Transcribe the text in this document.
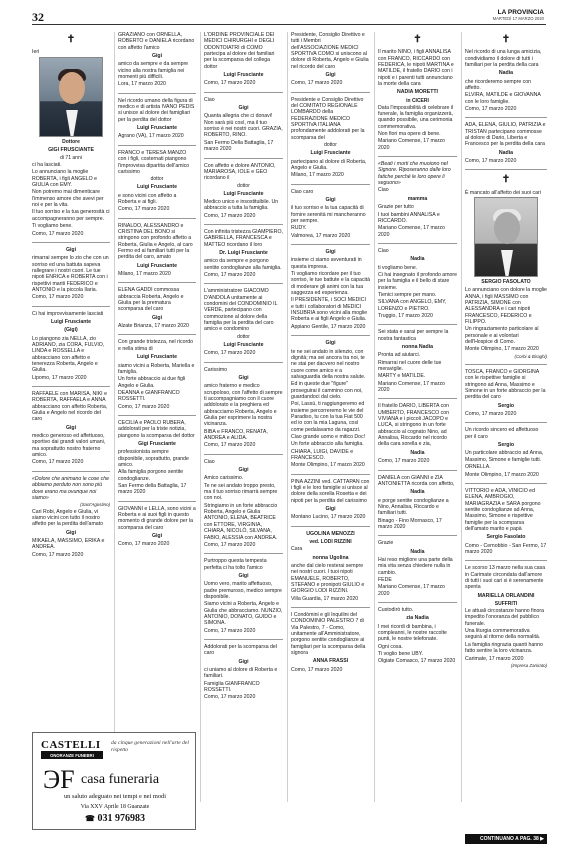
32	LA PROVINCIA
MARTEDÌ 17 MARZO 2020
✝

Ieri

Dottore
GIGI FRUSCIANTE
di 71 anni

ci ha lasciati.

Lo annunciano la moglie ROBERTA, i figli ANGELO e GIULIA con EMY.

Non potremo mai dimenticare l'immenso amore che avevi per noi e per la vita.

Il tuo sorriso e la tua generosità ci accompagneranno per sempre.

Ti vogliamo bene.

Como, 17 marzo 2020

Gigi

rimarrai sempre lo zio che con un sorriso ed una battuta sapeva rallegrare i nostri cuori. Le tue nipoti ENRICA e ROBERTA con i rispettivi mariti FEDERICO e ANTONIO e la piccola Ilaria.

Como, 17 marzo 2020

Ci hai improvvisamente lasciati

Luigi Frusciante
(Gigi)

Lo piangono zia NELLA, zio ADRIANO, zia CORA, FULVIO, LINDA e ROSSELLA e abbracciano con affetto e tenerezza Roberta, Angelo e Giulia.

Lipomo, 17 marzo 2020

RAFFAELE con MARISA, NIKI e ROBERTA, RAFFAELA e ANNA abbracciano con affetto Roberta, Giulia e Angelo nel ricordo del caro

Gigi

medico generoso ed affettuoso, sportivo dai grandi valori umani, ma soprattutto nostro fraterno amico.

Como, 17 marzo 2020

«Dolore che animano le cose che abbiamo perduto non sono più dove erano ma ovunque noi siamo»

(Sant'Agostino)

Cari Robi, Angelo e Giulia, vi siamo vicini con tutto il nostro affetto per la perdita dell'amato

Gigi

MIKAELA, MASSIMO, ERIKA e ANDREA.

Como, 17 marzo 2020

GRAZIANO con ORNELLA, ROBERTO e DANIELA ricordano con affetto l'amico

Gigi

amico da sempre e da sempre vicino alla nostra famiglia nei momenti più difficili.

Lora, 17 marzo 2020

Nel ricordo umano della figura di medico e di artista IVANO PEDIS si unisce al dolore dei famigliari per la perdita del dottor

Luigi Frusciante

Agrano (VA), 17 marzo 2020

FRANCO e TERESA MANZO con i figli, costernati piangono l'improvvisa dipartita dell'amico carissimo

dottor
Luigi Frusciante

e sono vicini con affetto a Roberta e ai figli.

Como, 17 marzo 2020

RINALDO, ALESSANDRO e CRISTINA DEL BONO si stringono con profondo affetto a Roberta, Giulia e Angelo, al caro Fermo ed ai familiari tutti per la perdita del caro, amato

Luigi Frusciante

Milano, 17 marzo 2020

ELENA GADDI commossa abbraccia Roberta, Angelo e Giulia per la prematura scomparsa del caro

Gigi

Alzate Brianza, 17 marzo 2020

Con grande tristezza, nel ricordo e nella stima di

Luigi Frusciante

siamo vicini a Roberta, Mariella e famiglia.

Un forte abbraccio ai due figli Angelo e Giulia.

DEANNA e GIANFRANCO ROSSETTI.

Como, 17 marzo 2020

CECILIA e PAOLO RUBERA, addolorati per la triste notizia, piangono la scomparsa del dottor

Gigi Frusciante

professionista sempre disponibile, soprattutto, grande amico.

Alla famiglia porgono sentite condoglianze.

San Fermo della Battaglia, 17 marzo 2020

GIOVANNI e LELLA, sono vicini a Roberta e ai suoi figli in questo momento di grande dolore per la scomparsa del caro

Gigi

Como, 17 marzo 2020

CASTELLI
ONORANZE FUNEBRI
da cinque generazioni nell'arte del rispetto
ЭF casa funeraria
un saluto adeguato nei tempi e nei modi
Via XXV Aprile 18 Guanzate
☎ 031 976983

L'ORDINE PROVINCIALE DEI MEDICI CHIRURGHI e DEGLI ODONTOIATRI di COMO partecipa al dolore dei familiari per la scomparsa del collega dottor

Luigi Frusciante

Como, 17 marzo 2020

Ciao

Gigi

Quanta allegria che ci donavi! Non sarà più così, ma il tuo sorriso è nei nostri cuori. GRAZIA, ROBERTO, RINO.

San Fermo Della Battaglia, 17 marzo 2020

Con affetto e dolore ANTONIO, MARIAROSA, IOLE e GEO ricordano il

dottor
Luigi Frusciante

Medico unico e insostituibile. Un abbraccio a tutta la famiglia.

Como, 17 marzo 2020

Con infinita tristezza GIAMPIERO, GABRIELLA, FRANCESCA e MATTEO ricordano il loro

Dr. Luigi Frusciante

amico da sempre e porgono sentite condoglianze alla famiglia.

Como, 17 marzo 2020

L'amministratore GIACOMO D'ANDOLA unitamente ai condomini del CONDOMINIO IL VERDE, partecipano con commozione al dolore della famiglia per la perdita del caro amico e condomino

dottor
Luigi Frusciante

Como, 17 marzo 2020

Carissimo

Gigi

amico fraterno e medico scrupoloso, con l'affetto di sempre ti accompagniamo con il cuore addolorato e la preghiera ed abbracciamo Roberta, Angelo e Giulia per esprimere la nostra vicinanza.

BIBA e FRANCO, RENATA, ANDREA e ALIDA.

Como, 17 marzo 2020

Ciao

Gigi

Amico carissimo.

Te ne sei andato troppo presto, ma il tuo sorriso rimarrà sempre con noi.

Stringiamo in un forte abbraccio Roberta, Angelo e Giulia ANTONIO, ELENA, BEATRICE con ETTORE, VIRGINIA, CHIARA, NICOLÒ, SILVANA, FABIO, ALESSIA con ANDREA.

Como, 17 marzo 2020

Purtroppo questa tempesta perfetta ci ha tolto l'amico

Gigi

Uomo vero, marito affettuoso, padre premuroso, medico sempre disponibile.

Siamo vicini a Roberta, Angelo e Giulia che abbracciamo. NUNZIO, ANTONIO, DONATO, GUIDO e SIMONA.

Como, 17 marzo 2020

Addolorati per la scomparsa del caro

Gigi

ci uniamo al dolore di Roberta e familiari.

Famiglia GIANFRANCO ROSSETTI.

Como, 17 marzo 2020

Presidente, Consiglio Direttivo e tutti i Membri dell'ASSOCIAZIONE MEDICI SPORTIVA COMO si uniscono al dolore di Roberta, Angelo e Giulia nel ricordo del caro

Gigi

Como, 17 marzo 2020

Presidente e Consiglio Direttivo del COMITATO REGIONALE LOMBARDO della FEDERAZIONE MEDICO SPORTIVA ITALIANA profondamente addolorati per la scomparsa del

dottor
Luigi Frusciante

partecipano al dolore di Roberta, Angelo e Giulia.

Milano, 17 marzo 2020

Ciao caro

Gigi

il tuo sorriso e la tua capacità di fornire serenità mi mancheranno per sempre.

RUDY.

Valmorea, 17 marzo 2020

Gigi

insieme ci siamo avventurati in questa impresa.

Ti vogliamo ricordare per il tuo sorriso, le tue battute e la capacità di moderare gli animi con la tua saggezza ed esperienza.

Il PRESIDENTE, i SOCI MEDICI e tutti i collaboratori di MEDICI INSUBRIA sono vicini alla moglie Roberta e ai figli Angelo e Giulia.

Appiano Gentile, 17 marzo 2020

Gigi

te ne sei andato in silenzio, con dignità; ma sei ancora tra noi, te ne stai per dacvero nel nostro cuore come amico e a salvaguardia della nostra salute.

Ed in queste due "figure" proseguirai il cammino con noi, guardandoci dal cielo.

Poi, Lassù, ti raggiungeremo ed insieme percorreremo le vie del Paradiso, tu con la tua Fiat 500 ed io con la mia Laguna, così come pedalavamo da ragazzi.

Ciao grande uomo e mitico Doc!

Un forte abbraccio alla famiglia.

CHIARA, LUIGI, DAVIDE e FRANCESCO.

Monte Olimpino, 17 marzo 2020

PINA AZZINI ved. CATTAPAN con i figli e le loro famiglie si unisce al dolore della sorella Rosetta e dei nipoti per la perdita del carissimo

Gigi

Montano Lucino, 17 marzo 2020

UGOLINA MENOZZI
ved. LODI RIZZINI

Cara

nonna Ugolina

anche dal cielo resterai sempre nei nostri cuori. I tuoi nipoti EMANUELE, ROBERTO, STEFANO e pronipoti GIULIO e GIORGIO LODI RIZZINI.

Villa Guardia, 17 marzo 2020

I Condòmini e gli Inquilini del CONDOMINIO PALESTRO 7 di Via Palestro, 7 - Como, unitamente all'Amministratore, porgono sentite condoglianze ai famigliari per la scomparsa della signora

ANNA FRASSI

Como, 17 marzo 2020

✝

Il marito NINO, i figli ANNALISA con FRANCO, RICCARDO con FEDERICA, le nipoti MARTINA e MATILDE, il fratello DARIO con i nipoti e i parenti tutti annunciano la morte della cara

NADIA MORETTI
in CICERI

Data l'impossibilità di celebrare il funerale, la famiglia organizzerà, quando possibile, una cerimonia commemorativa.

Non fiori ma opere di bene.

Mariano Comense, 17 marzo 2020

«Beati i morti che muoiono nel Signore. Riposeranno dalle loro fatiche perché le loro opere li seguono»

Ciao

mamma

Grazie per tutto

I tuoi bambini ANNALISA e RICCARDO.

Mariano Comense, 17 marzo 2020

Ciao

Nadia

ti vogliamo bene.

Ci hai insegnato il profondo amore per la famiglia e il bello di stare insieme.

Tienici sempre per mano.

SILVANA con ANGELO, EMY, LORENZO e PIETRO.

Truggio, 17 marzo 2020

Sei stata e sarai per sempre la nostra fantastica

nonna Nadia

Pronta ad aiutarci.

Rimarrai nel cuore delle tue meraviglie.

MARTY e MATILDE.

Mariano Comense, 17 marzo 2020

Il fratello DARIO, LIBERTA con UMBERTO, FRANCESCO con VIVIANA e i piccoli JACOPO e LUCA, si stringono in un forte abbraccio al cognato Nino, ad Annalisa, Riccardo nel ricordo della cara sorella e zia,

Nadia

Como, 17 marzo 2020

DANIELA con GIANNI e ZIA ANTONIETTA ricorda con affetto,

Nadia

e porge sentite condoglianze a Nino, Annalisa, Riccardo e familiari tutti.

Binago - Fino Mornasco, 17 marzo 2020

Grazie

Nadia

Hai reso migliore una parte della mia vita senza chiedere nulla in cambio.

FEDE

Mariano Comense, 17 marzo 2020

Custodirò tutto.

zia Nadia

I mei ricordi di bambina, i compleanni, le nostre raccolte punti, le nostre telefonate.

Ogni cosa.

Ti voglio bene UBY.

Olgiate Comasco, 17 marzo 2020

✝

Nel ricordo di una lunga amicizia, condividiamo il dolore di tutti i familiari per la perdita della cara

Nadia

che ricorderemo sempre con affetto.

ELVIRA, MATILDE e GIOVANNA con le loro famiglie.

Como, 17 marzo 2020

ADA, ELENA, GIULIO, PATRIZIA e TRISTAN partecipano commosse al dolore di Dario, Liberta e Francesco per la perdita della cara

Nadia

Como, 17 marzo 2020

✝

È mancato all'affetto dei suoi cari

SERGIO FASOLATO

Lo annunciano con dolore la moglie ANNA, i figli MASSIMO con PATRIZIA, SIMONE con ALESSANDRA e i cari nipoti FRANCESCO, FEDERICO e FILIPPO.

Un ringraziamento particolare al personale e ai volontari dell'Hospice di Como.

Monte Olimpino, 17 marzo 2020

(Corbi & Biraghi)

TOSCA, FRANCO e GIORGINA con le rispettive famiglie si stringono ad Anna, Massimo e Simone in un forte abbraccio per la perdita del caro

Sergio

Como, 17 marzo 2020

Un ricordo sincero ed affettuoso per il caro

Sergio

Un particolare abbraccio ad Anna, Massimo, Simone e famiglie tutti.

ORNELLA.

Monte Olimpino, 17 marzo 2020

VITTORIO e ADA, VINICIO ed ELENA, AMBROGIO, MARIAGRAZIA e SARA porgono sentite condoglianze ad Anna, Massimo, Simone e rispettive famiglie per la scomparsa dell'amato marito e papà

Sergio Fasolato

Como - Cernobbio - San Fermo, 17 marzo 2020

Le scorso 13 marzo nella sua casa in Carimate circondata dall'amore di tutti i suoi cari si è serenamente spenta

MARIELLA ORLANDINI
SUFFRITI

Le attuali circostanze hanno finora impedito l'onoranza del pubblico funerale.

Una liturgia commemorativa seguirà al ritorno della normalità.

La famiglia ringrazia quanti hanno fatto sentire la loro vicinanza.

Carimate, 17 marzo 2020

(Impresa Zanirato)

CONTINUANO A PAG. 38 ▶
